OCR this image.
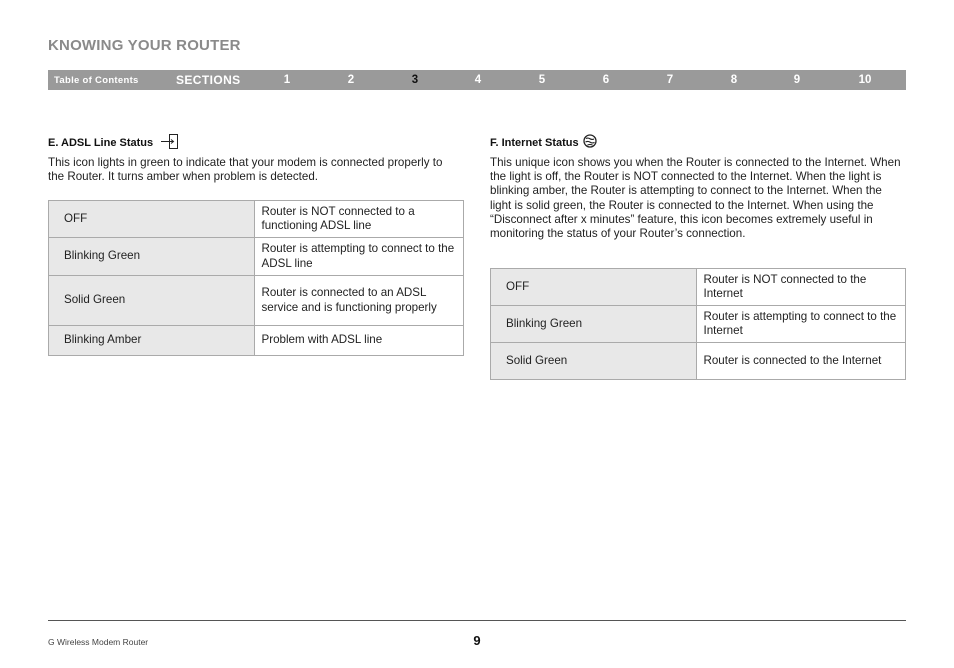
KNOWING YOUR ROUTER
Table of Contents	SECTIONS	1	2	3	4	5	6	7	8	9	10
E. ADSL Line Status
This icon lights in green to indicate that your modem is connected properly to the Router. It turns amber when problem is detected.
OFF	Router is NOT connected to a functioning ADSL line
Blinking Green	Router is attempting to connect to the ADSL line
Solid Green	Router is connected to an ADSL service and is functioning properly
Blinking Amber	Problem with ADSL line
F. Internet Status
This unique icon shows you when the Router is connected to the Internet. When the light is off, the Router is NOT connected to the Internet. When the light is blinking amber, the Router is attempting to connect to the Internet. When the light is solid green, the Router is connected to the Internet. When using the “Disconnect after x minutes” feature, this icon becomes extremely useful in monitoring the status of your Router’s connection.
OFF	Router is NOT connected to the Internet
Blinking Green	Router is attempting to connect to the Internet
Solid Green	Router is connected to the Internet
G Wireless Modem Router	9
